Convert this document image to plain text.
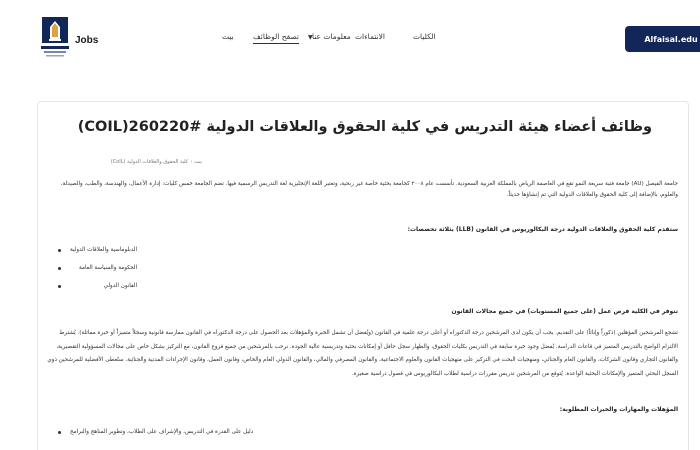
Jobs	الكليات
الانتماءات
معلومات عنا
تصفح الوظائف
بيت	▼	Alfaisal.edu
وظائف أعضاء هيئة التدريس في كلية الحقوق والعلاقات الدولية #260220(COIL)
بيت›كلية الحقوق والعلاقات الدولية (CoIL)
جامعة الفيصل (AU) جامعة فتية سريعة النمو تقع في العاصمة الرياض بالمملكة العربية السعودية. تأسست عام ٢٠٠٨ كجامعة بحثية خاصة غير ربحية، وتعتبر اللغة الإنجليزية لغة التدريس الرسمية فيها. تضم الجامعة خمس كليات: إدارة الأعمال، والهندسة، والطب، والصيدلة، والعلوم، بالإضافة إلى كلية الحقوق والعلاقات الدولية التي تم إنشاؤها حديثاً.
ستقدم كلية الحقوق والعلاقات الدولية درجة البكالوريوس في القانون (LLB) بثلاثة تخصصات:
الدبلوماسية والعلاقات الدولية
الحكومة والسياسة العامة
القانون الدولي
تتوفر في الكلية فرص عمل (على جميع المستويات) في جميع مجالات القانون
تشجع المرشحين المؤهلين (ذكوراً وإناثاً) على التقديم. يجب أن يكون لدى المرشحين درجة الدكتوراه أو أعلى درجة علمية في القانون (ويُفضل أن تشمل الخبرة والمؤهلات بعد الحصول على درجة الدكتوراه في القانون ممارسة قانونية وسجلاً متميزاً أو خبرة مماثلة). يُشترط الالتزام الواضح بالتدريس المتميز في قاعات الدراسة. يُفضل وجود خبرة سابقة في التدريس بكليات الحقوق، والظهار سجل حافل أو إمكانات بحثية وتدريسية عالية الجودة. نرحب بالمرشحين من جميع فروع القانون، مع التركيز بشكل خاص على مجالات المسؤولية التقصيرية، والقانون التجاري وقانون الشركات، والقانون العام والجنائي، ومنهجيات البحث في التركيز على منهجيات القانون والعلوم الاجتماعية، والقانون المصرفي والمالي، والقانون الدولي العام والخاص، وقانون العمل، وقانون الإجراءات المدنية والجنائية. ستُعطى الأفضلية للمرشحين ذوي السجل البحثي المتميز والإمكانات البحثية الواعدة. يُتوقع من المرشحين تدريس مقررات دراسية لطلاب البكالوريوس في فصول دراسية صغيرة.
المؤهلات والمهارات والخبرات المطلوبة:
دليل على القدرة في التدريس، والإشراف على الطلاب، وتطوير المناهج والبرامج
